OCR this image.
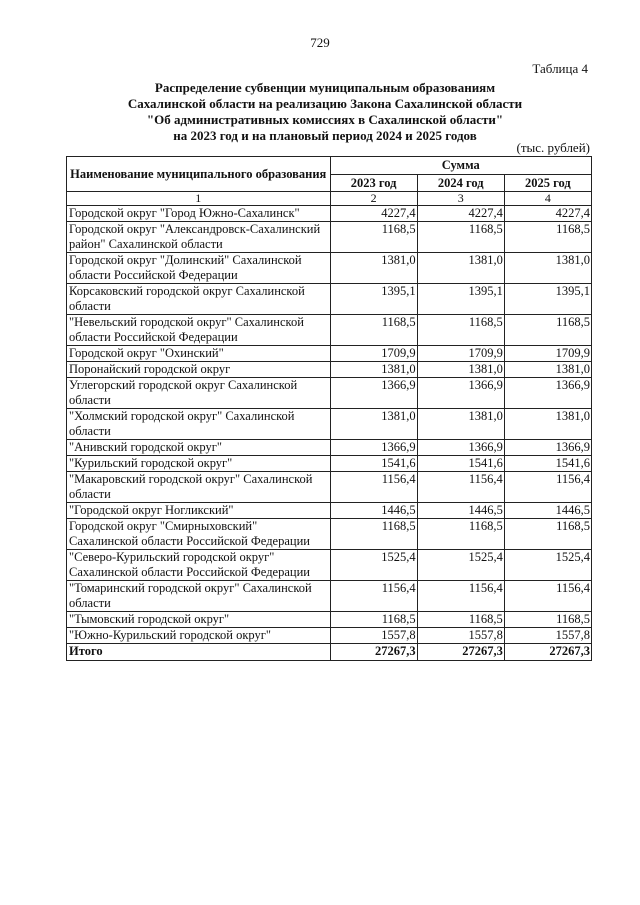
729
Таблица 4
Распределение субвенции муниципальным образованиям
Сахалинской области на реализацию Закона Сахалинской области
"Об административных комиссиях в Сахалинской области"
на 2023 год и на плановый период 2024 и 2025 годов
(тыс. рублей)
Наименование муниципального образования	Сумма		
	2023 год	2024 год	2025 год
1	2	3	4
Городской округ "Город Южно-Сахалинск"	4227,4	4227,4	4227,4
Городской округ "Александровск-Сахалинский район" Сахалинской области	1168,5	1168,5	1168,5
Городской округ "Долинский" Сахалинской области Российской Федерации	1381,0	1381,0	1381,0
Корсаковский городской округ Сахалинской области	1395,1	1395,1	1395,1
"Невельский городской округ" Сахалинской области Российской Федерации	1168,5	1168,5	1168,5
Городской округ "Охинский"	1709,9	1709,9	1709,9
Поронайский городской округ	1381,0	1381,0	1381,0
Углегорский городской округ Сахалинской области	1366,9	1366,9	1366,9
"Холмский городской округ" Сахалинской области	1381,0	1381,0	1381,0
"Анивский городской округ"	1366,9	1366,9	1366,9
"Курильский городской округ"	1541,6	1541,6	1541,6
"Макаровский городской округ" Сахалинской области	1156,4	1156,4	1156,4
"Городской округ Ногликский"	1446,5	1446,5	1446,5
Городской округ "Смирныховский" Сахалинской области Российской Федерации	1168,5	1168,5	1168,5
"Северо-Курильский городской округ" Сахалинской области Российской Федерации	1525,4	1525,4	1525,4
"Томаринский городской округ" Сахалинской области	1156,4	1156,4	1156,4
"Тымовский городской округ"	1168,5	1168,5	1168,5
"Южно-Курильский городской округ"	1557,8	1557,8	1557,8
Итого	27267,3	27267,3	27267,3
